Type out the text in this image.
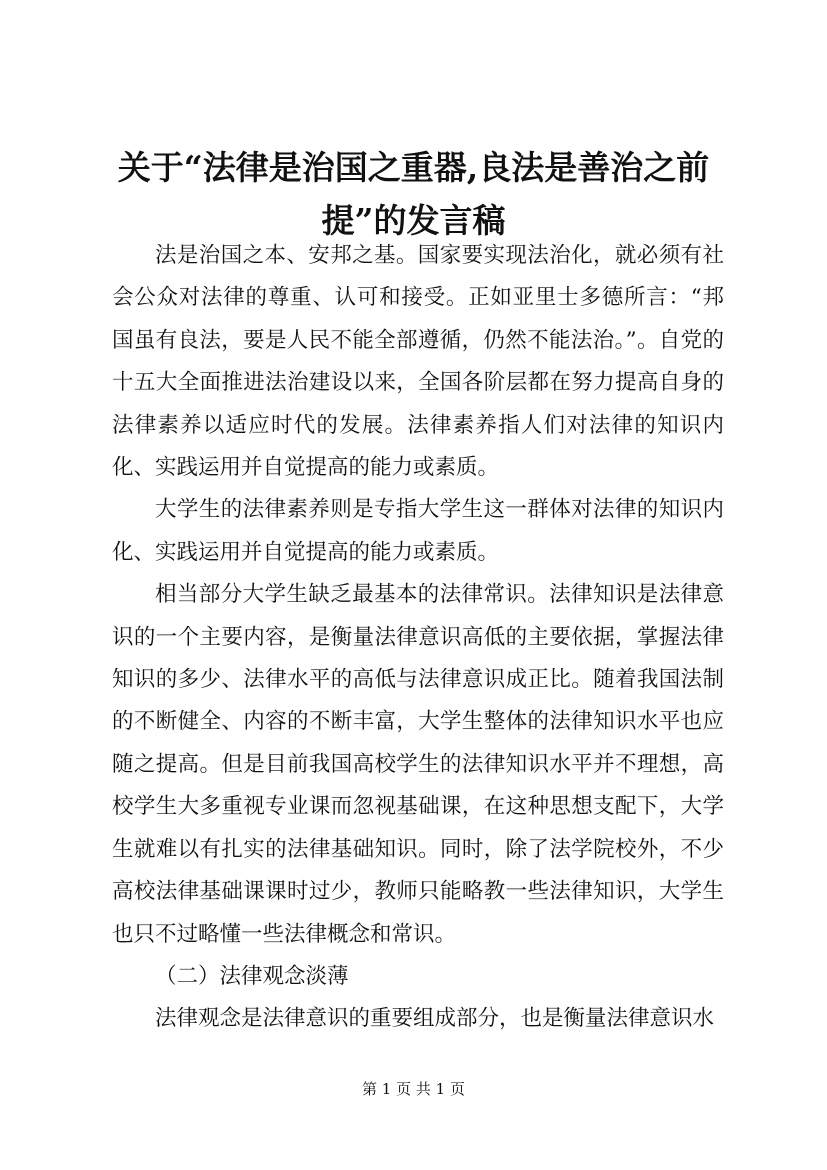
关于“法律是治国之重器,良法是善治之前提”的发言稿

法是治国之本、安邦之基。国家要实现法治化，就必须有社会公众对法律的尊重、认可和接受。正如亚里士多德所言：“邦国虽有良法，要是人民不能全部遵循，仍然不能法治。”。自党的十五大全面推进法治建设以来，全国各阶层都在努力提高自身的法律素养以适应时代的发展。法律素养指人们对法律的知识内化、实践运用并自觉提高的能力或素质。

大学生的法律素养则是专指大学生这一群体对法律的知识内化、实践运用并自觉提高的能力或素质。

相当部分大学生缺乏最基本的法律常识。法律知识是法律意识的一个主要内容，是衡量法律意识高低的主要依据，掌握法律知识的多少、法律水平的高低与法律意识成正比。随着我国法制的不断健全、内容的不断丰富，大学生整体的法律知识水平也应随之提高。但是目前我国高校学生的法律知识水平并不理想，高校学生大多重视专业课而忽视基础课，在这种思想支配下，大学生就难以有扎实的法律基础知识。同时，除了法学院校外，不少高校法律基础课课时过少，教师只能略教一些法律知识，大学生也只不过略懂一些法律概念和常识。

（二）法律观念淡薄

法律观念是法律意识的重要组成部分，也是衡量法律意识水

第 1 页 共 1 页
